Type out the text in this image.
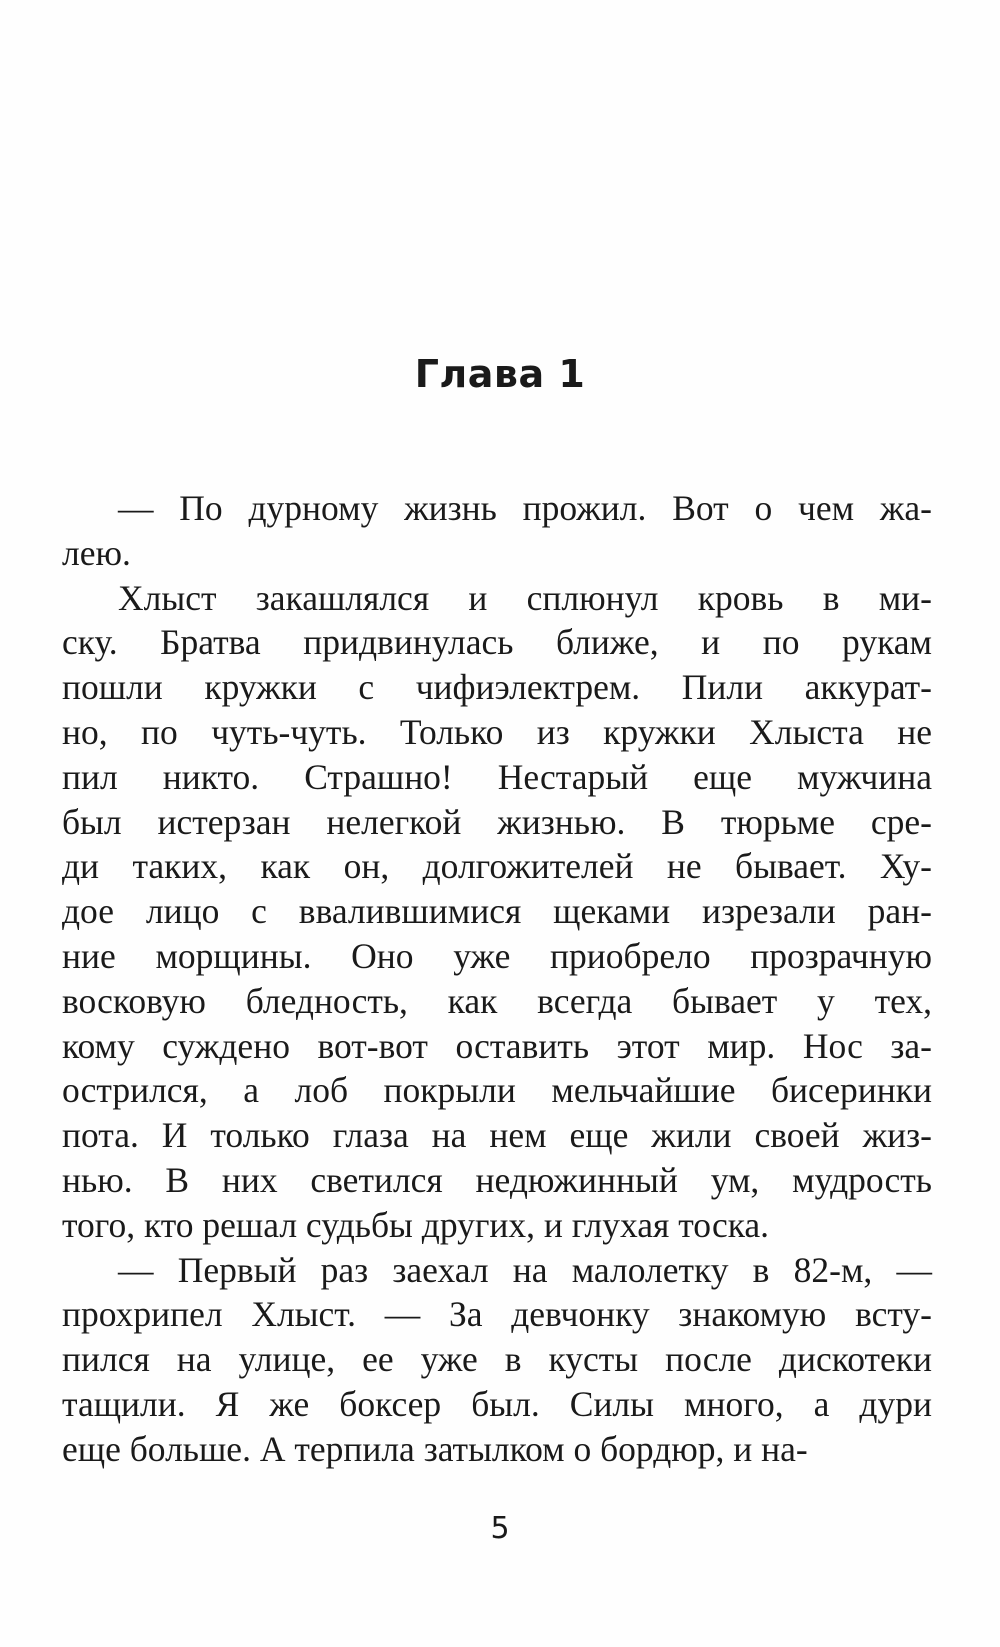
Глава 1
— По дурному жизнь прожил. Вот о чем жа-
лею.
Хлыст закашлялся и сплюнул кровь в ми-
ску. Братва придвинулась ближе, и по рукам
пошли кружки с чифиэлектрем. Пили аккурат-
но, по чуть-чуть. Только из кружки Хлыста не
пил никто. Страшно! Нестарый еще мужчина
был истерзан нелегкой жизнью. В тюрьме сре-
ди таких, как он, долгожителей не бывает. Ху-
дое лицо с ввалившимися щеками изрезали ран-
ние морщины. Оно уже приобрело прозрачную
восковую бледность, как всегда бывает у тех,
кому суждено вот-вот оставить этот мир. Нос за-
острился, а лоб покрыли мельчайшие бисеринки
пота. И только глаза на нем еще жили своей жиз-
нью. В них светился недюжинный ум, мудрость
того, кто решал судьбы других, и глухая тоска.
— Первый раз заехал на малолетку в 82-м, —
прохрипел Хлыст. — За девчонку знакомую всту-
пился на улице, ее уже в кусты после дискотеки
тащили. Я же боксер был. Силы много, а дури
еще больше. А терпила затылком о бордюр, и на-
5
